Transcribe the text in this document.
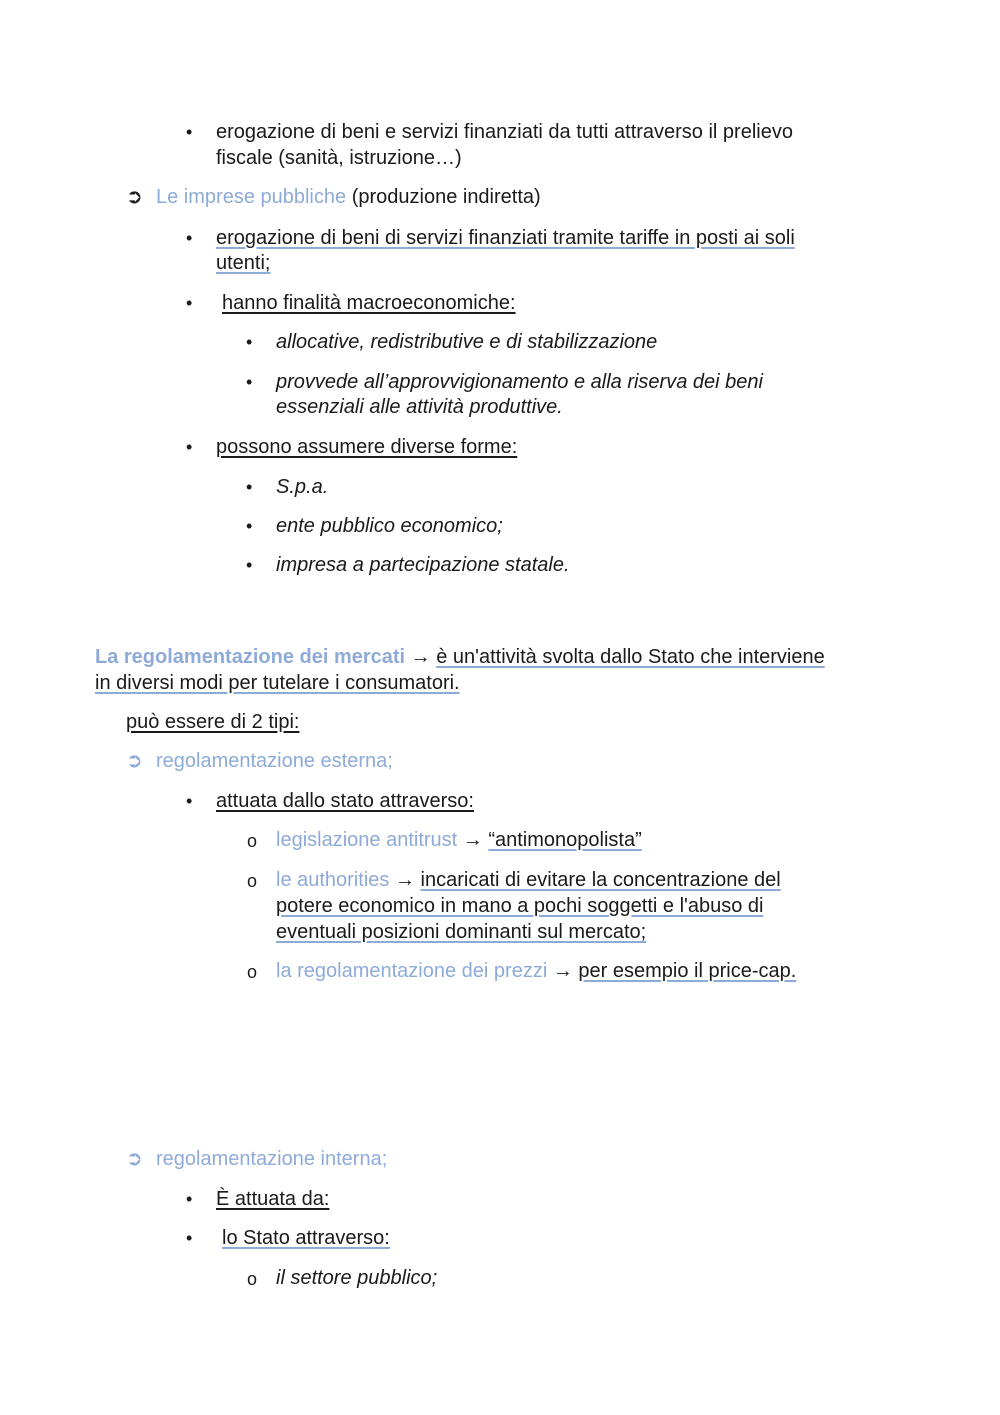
• erogazione di beni e servizi finanziati da tutti attraverso il prelievo
fiscale (sanità, istruzione…)
➲ Le imprese pubbliche (produzione indiretta)
• erogazione di beni di servizi finanziati tramite tariffe in posti ai soli
utenti;
• hanno finalità macroeconomiche:
• allocative, redistributive e di stabilizzazione
• provvede all’approvvigionamento e alla riserva dei beni
essenziali alle attività produttive.
• possono assumere diverse forme:
• S.p.a.
• ente pubblico economico;
• impresa a partecipazione statale.
La regolamentazione dei mercati → è un'attività svolta dallo Stato che interviene
in diversi modi per tutelare i consumatori.
può essere di 2 tipi:
➲ regolamentazione esterna;
• attuata dallo stato attraverso:
o legislazione antitrust → “antimonopolista”
o le authorities → incaricati di evitare la concentrazione del
potere economico in mano a pochi soggetti e l'abuso di
eventuali posizioni dominanti sul mercato;
o la regolamentazione dei prezzi → per esempio il price-cap.
➲ regolamentazione interna;
• È attuata da:
• lo Stato attraverso:
o il settore pubblico;
